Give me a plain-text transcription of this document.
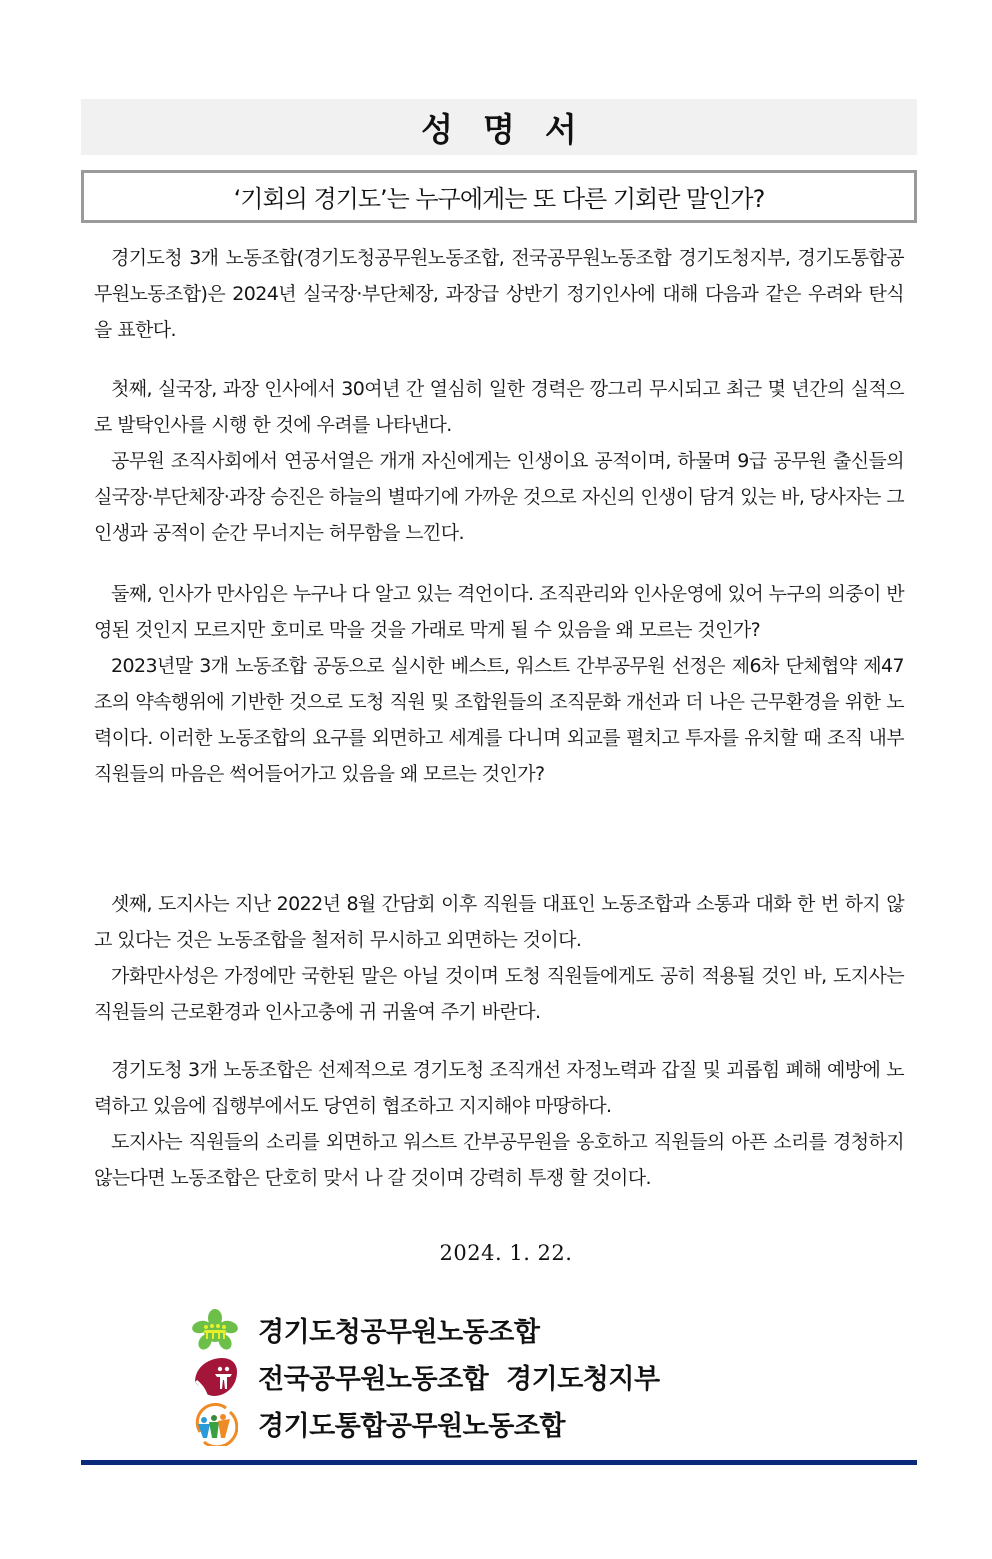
성명서
‘기회의 경기도’는 누구에게는 또 다른 기회란 말인가?

경기도청 3개 노동조합(경기도청공무원노동조합, 전국공무원노동조합 경기도청지부, 경기도통합공무원노동조합)은 2024년 실국장·부단체장, 과장급 상반기 정기인사에 대해 다음과 같은 우려와 탄식을 표한다.

첫째, 실국장, 과장 인사에서 30여년 간 열심히 일한 경력은 깡그리 무시되고 최근 몇 년간의 실적으로 발탁인사를 시행 한 것에 우려를 나타낸다.

공무원 조직사회에서 연공서열은 개개 자신에게는 인생이요 공적이며, 하물며 9급 공무원 출신들의 실국장·부단체장·과장 승진은 하늘의 별따기에 가까운 것으로 자신의 인생이 담겨 있는 바, 당사자는 그 인생과 공적이 순간 무너지는 허무함을 느낀다.

둘째, 인사가 만사임은 누구나 다 알고 있는 격언이다. 조직관리와 인사운영에 있어 누구의 의중이 반영된 것인지 모르지만 호미로 막을 것을 가래로 막게 될 수 있음을 왜 모르는 것인가?

2023년말 3개 노동조합 공동으로 실시한 베스트, 워스트 간부공무원 선정은 제6차 단체협약 제47조의 약속행위에 기반한 것으로 도청 직원 및 조합원들의 조직문화 개선과 더 나은 근무환경을 위한 노력이다. 이러한 노동조합의 요구를 외면하고 세계를 다니며 외교를 펼치고 투자를 유치할 때 조직 내부 직원들의 마음은 썩어들어가고 있음을 왜 모르는 것인가?

셋째, 도지사는 지난 2022년 8월 간담회 이후 직원들 대표인 노동조합과 소통과 대화 한 번 하지 않고 있다는 것은 노동조합을 철저히 무시하고 외면하는 것이다.

가화만사성은 가정에만 국한된 말은 아닐 것이며 도청 직원들에게도 공히 적용될 것인 바, 도지사는 직원들의 근로환경과 인사고충에 귀 귀울여 주기 바란다.

경기도청 3개 노동조합은 선제적으로 경기도청 조직개선 자정노력과 갑질 및 괴롭힘 폐해 예방에 노력하고 있음에 집행부에서도 당연히 협조하고 지지해야 마땅하다.

도지사는 직원들의 소리를 외면하고 워스트 간부공무원을 옹호하고 직원들의 아픈 소리를 경청하지 않는다면 노동조합은 단호히 맞서 나 갈 것이며 강력히 투쟁 할 것이다.

2024. 1. 22.
경기도청공무원노동조합
전국공무원노동조합  경기도청지부
경기도통합공무원노동조합
